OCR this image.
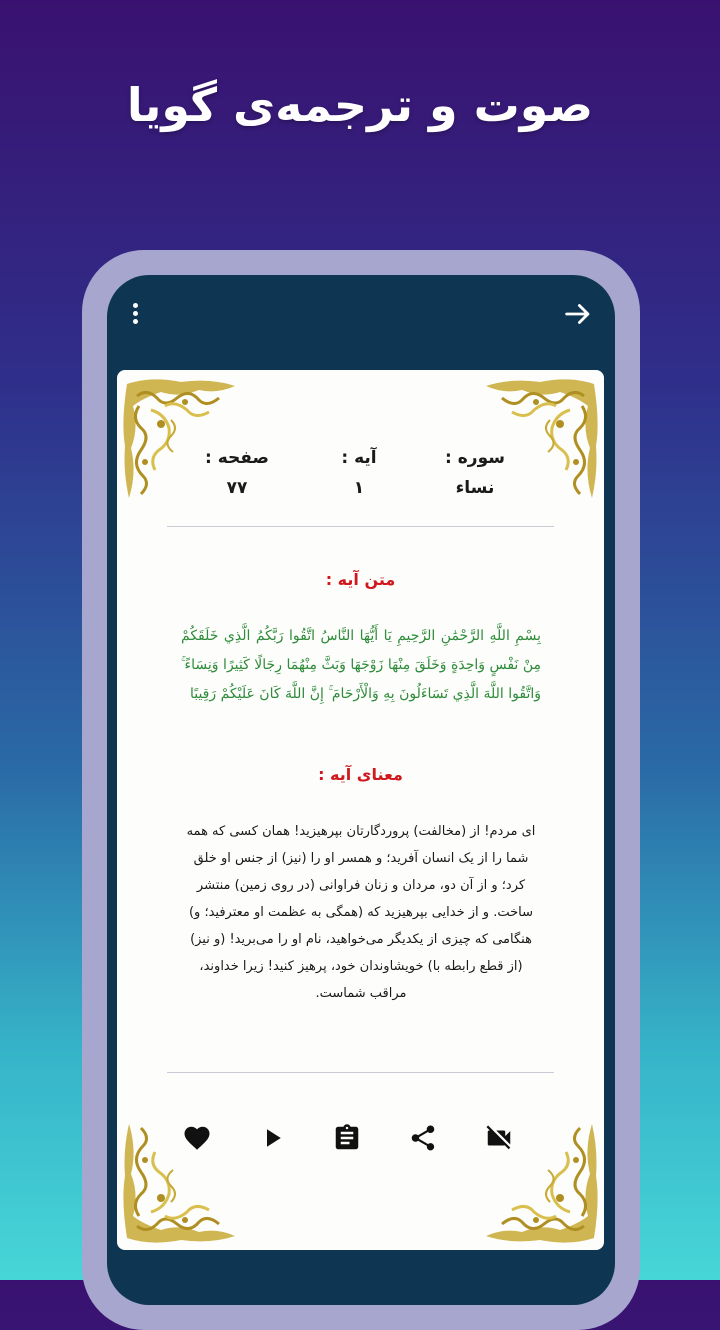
صوت و ترجمه‌ی گویا
سوره :
نساء
آیه :
۱
صفحه :
۷۷
متن آیه :
بِسْمِ اللَّهِ الرَّحْمَٰنِ الرَّحِيمِ يَا أَيُّهَا النَّاسُ اتَّقُوا رَبَّكُمُ الَّذِي خَلَقَكُمْ مِنْ نَفْسٍ وَاحِدَةٍ وَخَلَقَ مِنْهَا زَوْجَهَا وَبَثَّ مِنْهُمَا رِجَالًا كَثِيرًا وَنِسَاءً ۚ وَاتَّقُوا اللَّهَ الَّذِي تَسَاءَلُونَ بِهِ وَالْأَرْحَامَ ۚ إِنَّ اللَّهَ كَانَ عَلَيْكُمْ رَقِيبًا
معنای آیه :
ای مردم! از (مخالفت) پروردگارتان بپرهیزید! همان کسی که همه شما را از یک انسان آفرید؛ و همسر او را (نیز) از جنس او خلق کرد؛ و از آن دو، مردان و زنان فراوانی (در روی زمین) منتشر ساخت. و از خدایی بپرهیزید که (همگی به عظمت او معترفید؛ و) هنگامی که چیزی از یکدیگر می‌خواهید، نام او را می‌برید! (و نیز) (از قطع رابطه با) خویشاوندان خود، پرهیز کنید! زیرا خداوند، مراقب شماست.
